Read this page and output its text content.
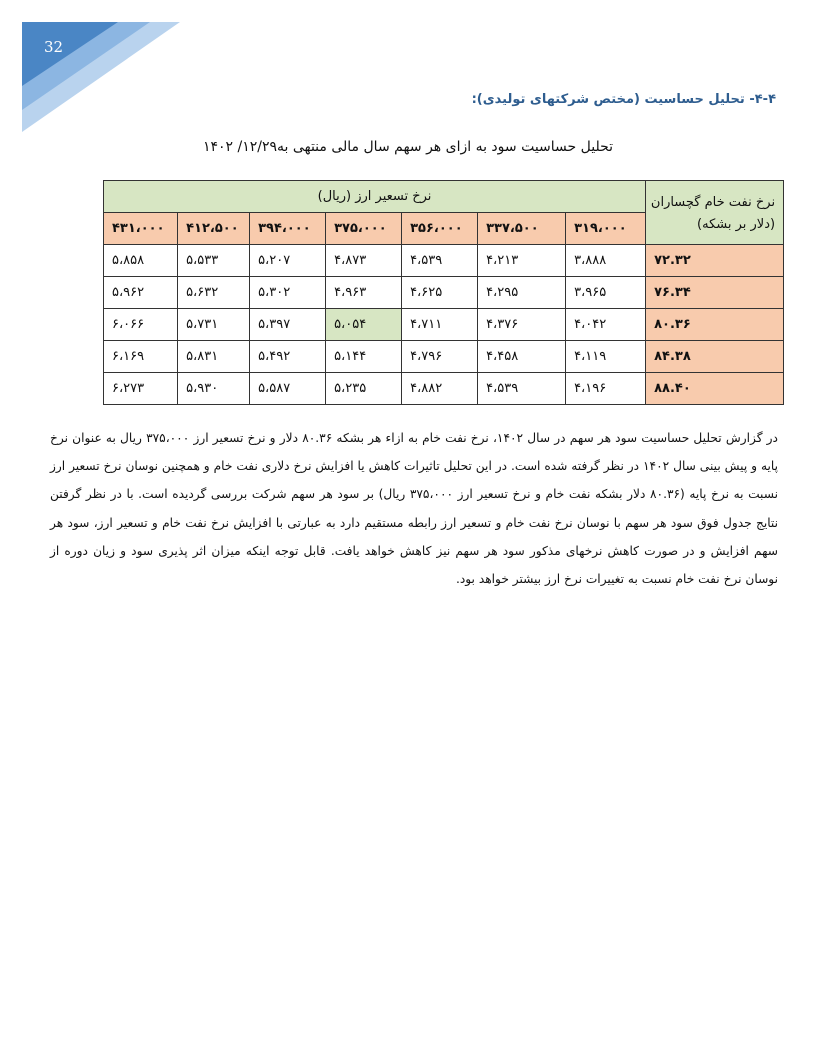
32
۴-۴- تحلیل حساسیت (مختص شرکتهای تولیدی):
تحلیل حساسیت سود به ازای هر سهم سال مالی منتهی به۱۲/۲۹/ ۱۴۰۲
نرخ نفت خام گچساران
(دلار بر بشکه)	نرخ تسعیر ارز (ریال)						
	۳۱۹،۰۰۰	۳۳۷،۵۰۰	۳۵۶،۰۰۰	۳۷۵،۰۰۰	۳۹۴،۰۰۰	۴۱۲،۵۰۰	۴۳۱،۰۰۰
۷۲.۳۲	۳،۸۸۸	۴،۲۱۳	۴،۵۳۹	۴،۸۷۳	۵،۲۰۷	۵،۵۳۳	۵،۸۵۸
۷۶.۳۴	۳،۹۶۵	۴،۲۹۵	۴،۶۲۵	۴،۹۶۳	۵،۳۰۲	۵،۶۳۲	۵،۹۶۲
۸۰.۳۶	۴،۰۴۲	۴،۳۷۶	۴،۷۱۱	۵،۰۵۴	۵،۳۹۷	۵،۷۳۱	۶،۰۶۶
۸۴.۳۸	۴،۱۱۹	۴،۴۵۸	۴،۷۹۶	۵،۱۴۴	۵،۴۹۲	۵،۸۳۱	۶،۱۶۹
۸۸.۴۰	۴،۱۹۶	۴،۵۳۹	۴،۸۸۲	۵،۲۳۵	۵،۵۸۷	۵،۹۳۰	۶،۲۷۳
در گزارش تحلیل حساسیت سود هر سهم در سال ۱۴۰۲، نرخ نفت خام به ازاء هر بشکه ۸۰.۳۶ دلار و نرخ تسعیر ارز ۳۷۵،۰۰۰ ریال به عنوان نرخ پایه و پیش بینی سال ۱۴۰۲ در نظر گرفته شده است. در این تحلیل تاثیرات کاهش یا افزایش نرخ دلاری نفت خام و همچنین نوسان نرخ تسعیر ارز نسبت به نرخ پایه (۸۰.۳۶ دلار بشکه نفت خام و نرخ تسعیر ارز ۳۷۵،۰۰۰ ریال) بر سود هر سهم شرکت بررسی گردیده است. با در نظر گرفتن نتایج جدول فوق سود هر سهم با نوسان نرخ نفت خام و تسعیر ارز رابطه مستقیم دارد به عبارتی با افزایش نرخ نفت خام و تسعیر ارز، سود هر سهم افزایش و در صورت کاهش نرخهای مذکور سود هر سهم نیز کاهش خواهد یافت. قابل توجه اینکه میزان اثر پذیری سود و زیان دوره از نوسان نرخ نفت خام نسبت به تغییرات نرخ ارز بیشتر خواهد بود.
